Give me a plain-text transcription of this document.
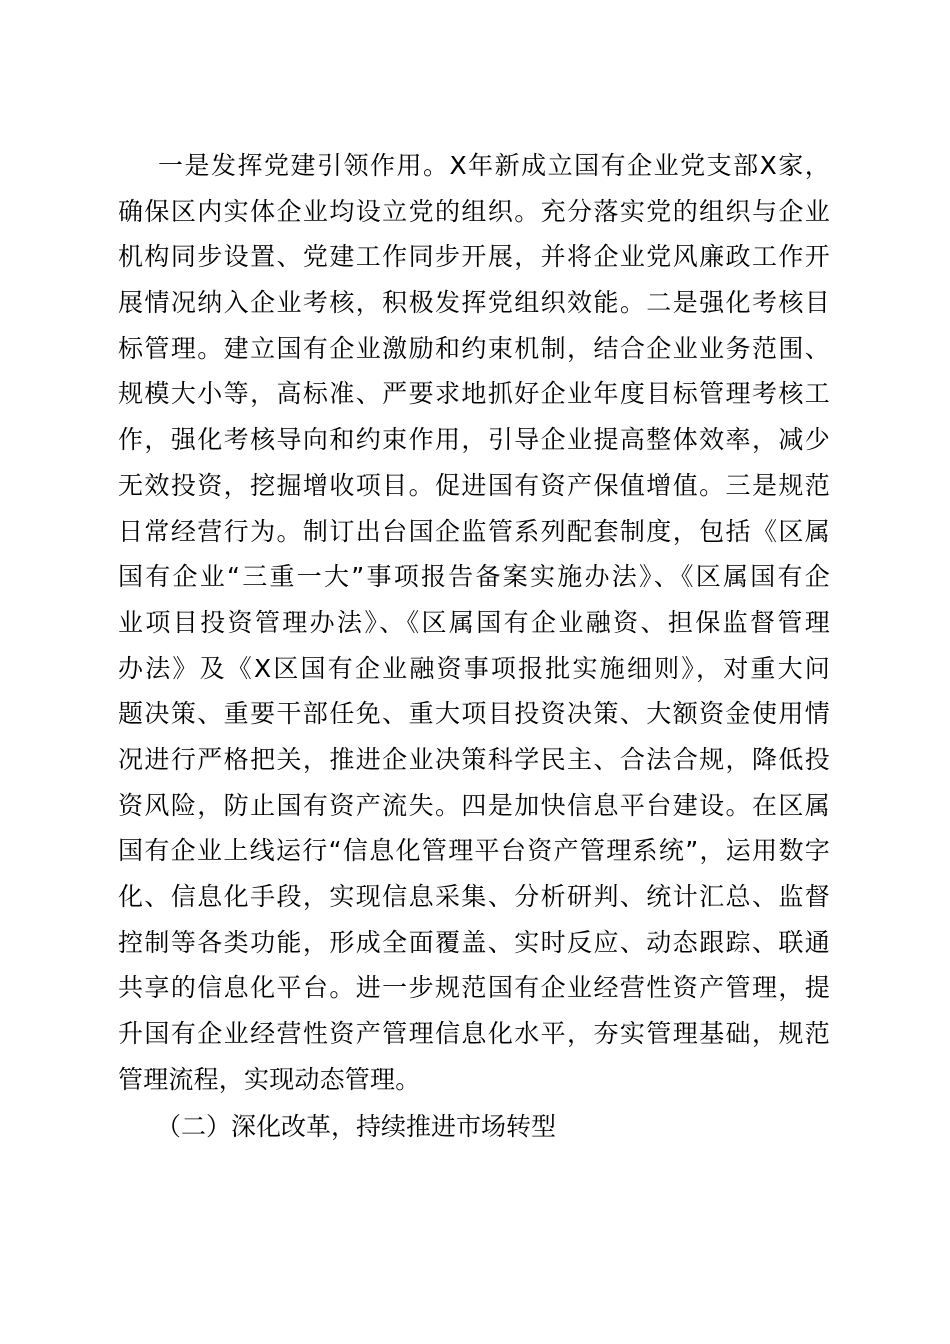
一是发挥党建引领作用。X年新成立国有企业党支部X家，
确保区内实体企业均设立党的组织。充分落实党的组织与企业
机构同步设置、党建工作同步开展，并将企业党风廉政工作开
展情况纳入企业考核，积极发挥党组织效能。二是强化考核目
标管理。建立国有企业激励和约束机制，结合企业业务范围、
规模大小等，高标准、严要求地抓好企业年度目标管理考核工
作，强化考核导向和约束作用，引导企业提高整体效率，减少
无效投资，挖掘增收项目。促进国有资产保值增值。三是规范
日常经营行为。制订出台国企监管系列配套制度，包括《区属
国有企业“三重一大”事项报告备案实施办法》、《区属国有企
业项目投资管理办法》、《区属国有企业融资、担保监督管理
办法》及《X区国有企业融资事项报批实施细则》，对重大问
题决策、重要干部任免、重大项目投资决策、大额资金使用情
况进行严格把关，推进企业决策科学民主、合法合规，降低投
资风险，防止国有资产流失。四是加快信息平台建设。在区属
国有企业上线运行“信息化管理平台资产管理系统”，运用数字
化、信息化手段，实现信息采集、分析研判、统计汇总、监督
控制等各类功能，形成全面覆盖、实时反应、动态跟踪、联通
共享的信息化平台。进一步规范国有企业经营性资产管理，提
升国有企业经营性资产管理信息化水平，夯实管理基础，规范
管理流程，实现动态管理。
（二）深化改革，持续推进市场转型
